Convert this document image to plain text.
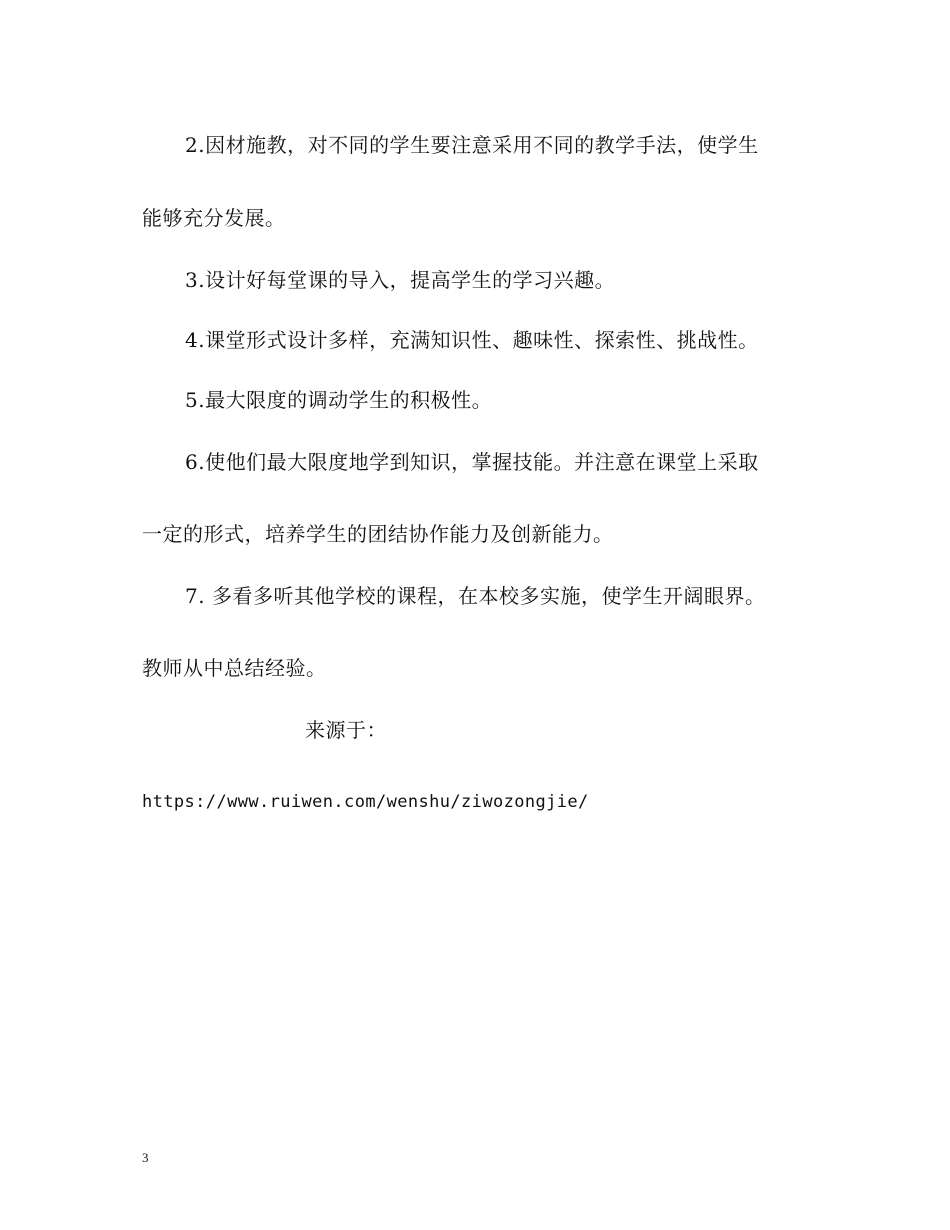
2.因材施教，对不同的学生要注意采用不同的教学手法，使学生
能够充分发展。
3.设计好每堂课的导入，提高学生的学习兴趣。
4.课堂形式设计多样，充满知识性、趣味性、探索性、挑战性。
5.最大限度的调动学生的积极性。
6.使他们最大限度地学到知识，掌握技能。并注意在课堂上采取
一定的形式，培养学生的团结协作能力及创新能力。
7. 多看多听其他学校的课程，在本校多实施，使学生开阔眼界。
教师从中总结经验。
来源于：
https://www.ruiwen.com/wenshu/ziwozongjie/
3
